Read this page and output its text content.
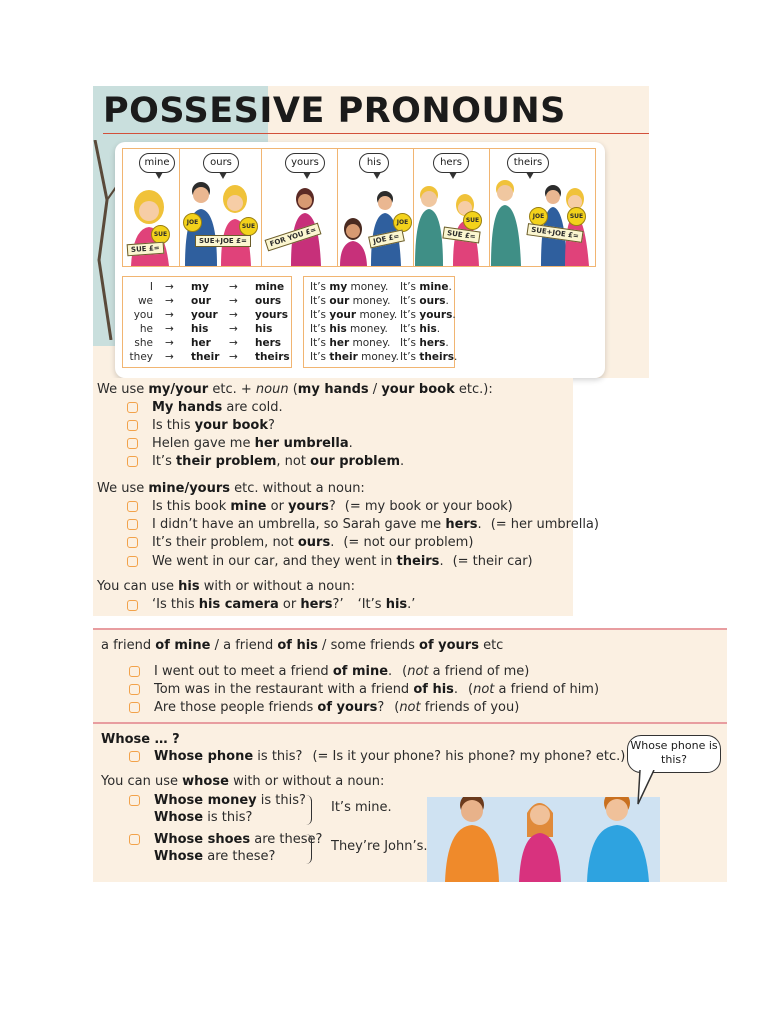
POSSESIVE PRONOUNS
mine	ours	yours	his	hers	theirs
SUE
JOE
SUE
JOE	SUE
JOE	SUE
SUE £=
SUE+JOE £=	FOR YOU £=	JOE £=	SUE £=	SUE+JOE £=
I → my → mine
we → our → ours
you → your → yours
he → his → his
she → her → hers
they → their → theirs
It’s my money. It’s mine.
It’s our money. It’s ours.
It’s your money. It’s yours.
It’s his money. It’s his.
It’s her money. It’s hers.
It’s their money. It’s theirs.
We use my/your etc. + noun (my hands / your book etc.):
My hands are cold.
Is this your book?
Helen gave me her umbrella.
It’s their problem, not our problem.
We use mine/yours etc. without a noun:
Is this book mine or yours? (= my book or your book)
I didn’t have an umbrella, so Sarah gave me hers. (= her umbrella)
It’s their problem, not ours. (= not our problem)
We went in our car, and they went in theirs. (= their car)
You can use his with or without a noun:
‘Is this his camera or hers?’ ‘It’s his.’
a friend of mine / a friend of his / some friends of yours etc
I went out to meet a friend of mine. (not a friend of me)
Tom was in the restaurant with a friend of his. (not a friend of him)
Are those people friends of yours? (not friends of you)
Whose … ?
Whose phone is this? (= Is it your phone? his phone? my phone? etc.)
You can use whose with or without a noun:
Whose money is this?
Whose is this?
It’s mine.
Whose shoes are these?
Whose are these?
They’re John’s.
Whose phone is this?
